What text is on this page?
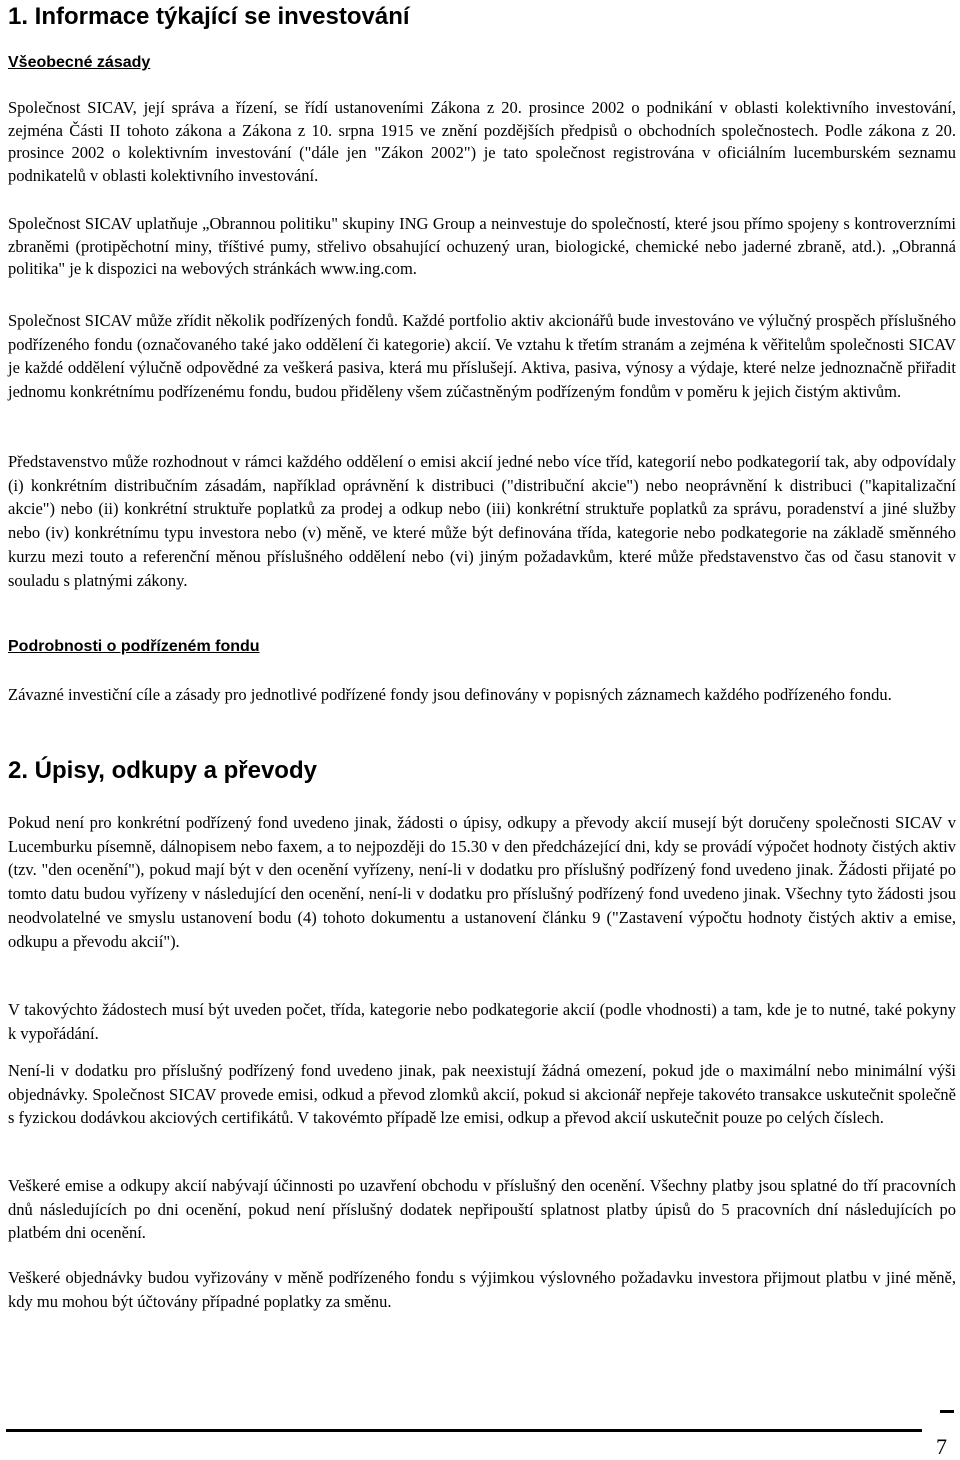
1. Informace týkající se investování
Všeobecné zásady

Společnost SICAV, její správa a řízení, se řídí ustanoveními Zákona z 20. prosince 2002 o podnikání v oblasti kolektivního investování, zejména Části II tohoto zákona a Zákona z 10. srpna 1915 ve znění pozdějších předpisů o obchodních společnostech. Podle zákona z 20. prosince 2002 o kolektivním investování ("dále jen "Zákon 2002") je tato společnost registrována v oficiálním lucemburském seznamu podnikatelů v oblasti kolektivního investování.

Společnost SICAV uplatňuje „Obrannou politiku" skupiny ING Group a neinvestuje do společností, které jsou přímo spojeny s kontroverzními zbraněmi (protipěchotní miny, tříštivé pumy, střelivo obsahující ochuzený uran, biologické, chemické nebo jaderné zbraně, atd.). „Obranná politika" je k dispozici na webových stránkách www.ing.com.

Společnost SICAV může zřídit několik podřízených fondů. Každé portfolio aktiv akcionářů bude investováno ve výlučný prospěch příslušného podřízeného fondu (označovaného také jako oddělení či kategorie) akcií. Ve vztahu k třetím stranám a zejména k věřitelům společnosti SICAV je každé oddělení výlučně odpovědné za veškerá pasiva, která mu příslušejí. Aktiva, pasiva, výnosy a výdaje, které nelze jednoznačně přiřadit jednomu konkrétnímu podřízenému fondu, budou přiděleny všem zúčastněným podřízeným fondům v poměru k jejich čistým aktivům.

Představenstvo může rozhodnout v rámci každého oddělení o emisi akcií jedné nebo více tříd, kategorií nebo podkategorií tak, aby odpovídaly (i) konkrétním distribučním zásadám, například oprávnění k distribuci ("distribuční akcie") nebo neoprávnění k distribuci ("kapitalizační akcie") nebo (ii) konkrétní struktuře poplatků za prodej a odkup nebo (iii) konkrétní struktuře poplatků za správu, poradenství a jiné služby nebo (iv) konkrétnímu typu investora nebo (v) měně, ve které může být definována třída, kategorie nebo podkategorie na základě směnného kurzu mezi touto a referenční měnou příslušného oddělení nebo (vi) jiným požadavkům, které může představenstvo čas od času stanovit v souladu s platnými zákony.

Podrobnosti o podřízeném fondu

Závazné investiční cíle a zásady pro jednotlivé podřízené fondy jsou definovány v popisných záznamech každého podřízeného fondu.

2. Úpisy, odkupy a převody

Pokud není pro konkrétní podřízený fond uvedeno jinak, žádosti o úpisy, odkupy a převody akcií musejí být doručeny společnosti SICAV v Lucemburku písemně, dálnopisem nebo faxem, a to nejpozději do 15.30 v den předcházející dni, kdy se provádí výpočet hodnoty čistých aktiv (tzv. "den ocenění"), pokud mají být v den ocenění vyřízeny, není-li v dodatku pro příslušný podřízený fond uvedeno jinak. Žádosti přijaté po tomto datu budou vyřízeny v následující den ocenění, není-li v dodatku pro příslušný podřízený fond uvedeno jinak. Všechny tyto žádosti jsou neodvolatelné ve smyslu ustanovení bodu (4) tohoto dokumentu a ustanovení článku 9 ("Zastavení výpočtu hodnoty čistých aktiv a emise, odkupu a převodu akcií").

V takovýchto žádostech musí být uveden počet, třída, kategorie nebo podkategorie akcií (podle vhodnosti) a tam, kde je to nutné, také pokyny k vypořádání.

Není-li v dodatku pro příslušný podřízený fond uvedeno jinak, pak neexistují žádná omezení, pokud jde o maximální nebo minimální výši objednávky. Společnost SICAV provede emisi, odkud a převod zlomků akcií, pokud si akcionář nepřeje takovéto transakce uskutečnit společně s fyzickou dodávkou akciových certifikátů. V takovémto případě lze emisi, odkup a převod akcií uskutečnit pouze po celých číslech.

Veškeré emise a odkupy akcií nabývají účinnosti po uzavření obchodu v příslušný den ocenění. Všechny platby jsou splatné do tří pracovních dnů následujících po dni ocenění, pokud není příslušný dodatek nepřipouští splatnost platby úpisů do 5 pracovních dní následujících po platbém dni ocenění.

Veškeré objednávky budou vyřizovány v měně podřízeného fondu s výjimkou výslovného požadavku investora přijmout platbu v jiné měně, kdy mu mohou být účtovány případné poplatky za směnu.

7
